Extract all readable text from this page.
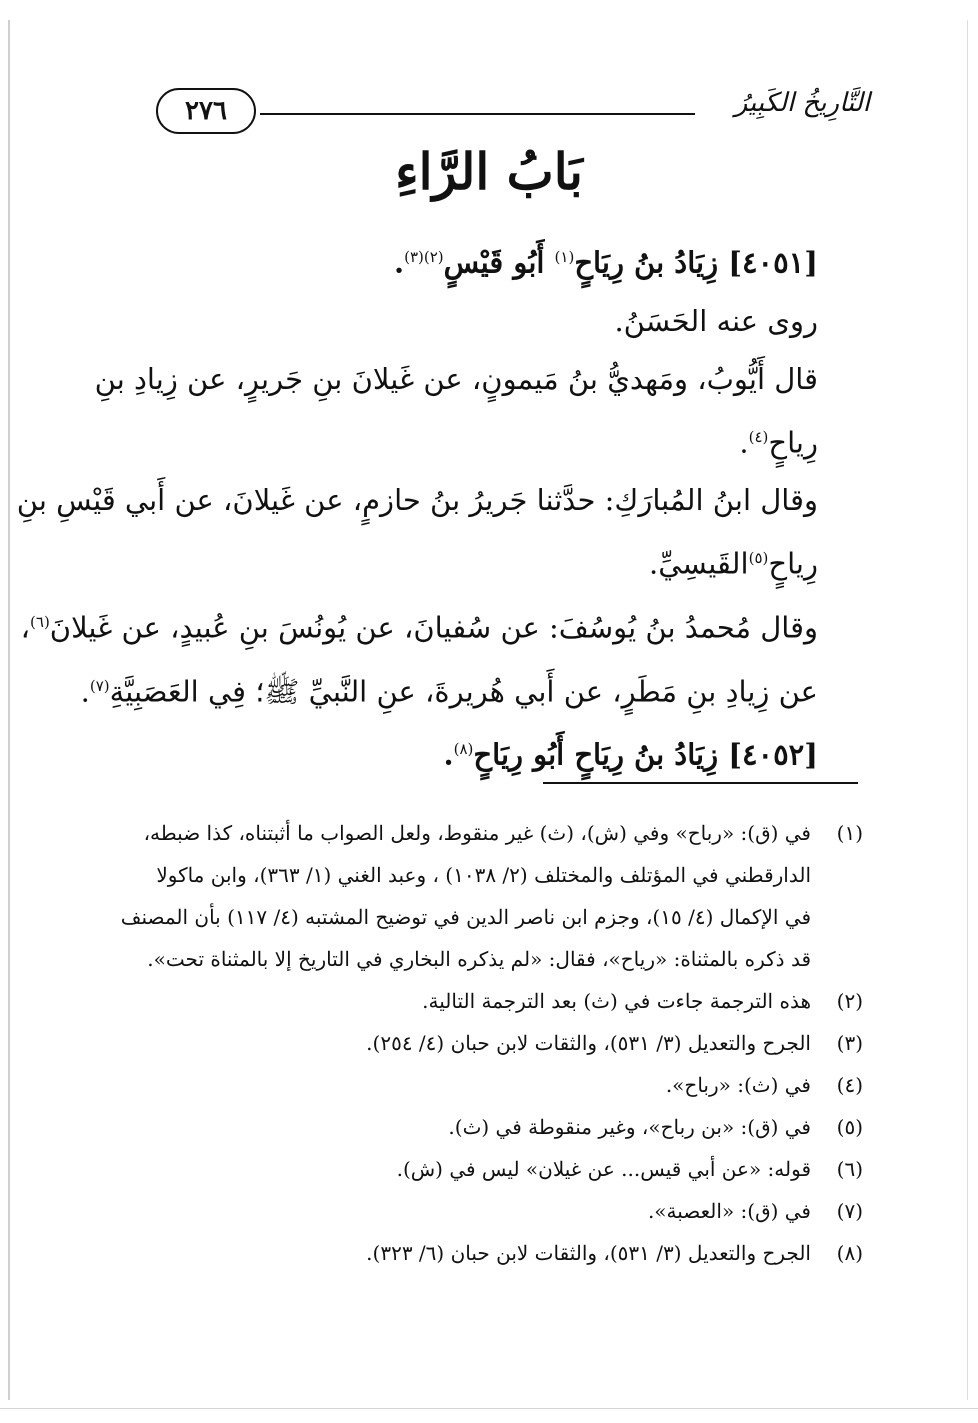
٢٧٦	التَّارِيخُ الكَبِيرُ
بَابُ الرَّاءِ
[٤٠٥١] زِيَادُ بنُ رِيَاحٍ$^{(١)}$ أَبُو قَيْسٍ$^{(٢)(٣)}$.
روى عنه الحَسَنُ.
قال أَيُّوبُ، ومَهديُّ بنُ مَيمونٍ، عن غَيلانَ بنِ جَريرٍ، عن زِيادِ بنِ
رِياحٍ$^{(٤)}$.
وقال ابنُ المُبارَكِ: حدَّثنا جَريرُ بنُ حازمٍ، عن غَيلانَ، عن أَبي قَيْسِ بنِ
رِياحٍ$^{(٥)}$القَيسِيِّ.
وقال مُحمدُ بنُ يُوسُفَ: عن سُفيانَ، عن يُونُسَ بنِ عُبيدٍ، عن غَيلانَ$^{(٦)}$،
عن زِيادِ بنِ مَطَرٍ، عن أَبي هُريرةَ، عنِ النَّبيِّ ﷺ؛ فِي العَصَبِيَّةِ$^{(٧)}$.
[٤٠٥٢] زِيَادُ بنُ رِيَاحٍ أَبُو رِيَاحٍ$^{(٨)}$.
(١)
في (ق): «رباح» وفي (ش)، (ث) غير منقوط، ولعل الصواب ما أثبتناه، كذا ضبطه،
الدارقطني في المؤتلف والمختلف (٢/ ١٠٣٨) ، وعبد الغني (١/ ٣٦٣)، وابن ماكولا
في الإكمال (٤/ ١٥)، وجزم ابن ناصر الدين في توضيح المشتبه (٤/ ١١٧) بأن المصنف
قد ذكره بالمثناة: «رياح»، فقال: «لم يذكره البخاري في التاريخ إلا بالمثناة تحت».
(٢)
هذه الترجمة جاءت في (ث) بعد الترجمة التالية.
(٣)
الجرح والتعديل (٣/ ٥٣١)، والثقات لابن حبان (٤/ ٢٥٤).
(٤)
في (ث): «رباح».
(٥)
في (ق): «بن رباح»، وغير منقوطة في (ث).
(٦)
قوله: «عن أبي قيس... عن غيلان» ليس في (ش).
(٧)
في (ق): «العصبة».
(٨)
الجرح والتعديل (٣/ ٥٣١)، والثقات لابن حبان (٦/ ٣٢٣).
